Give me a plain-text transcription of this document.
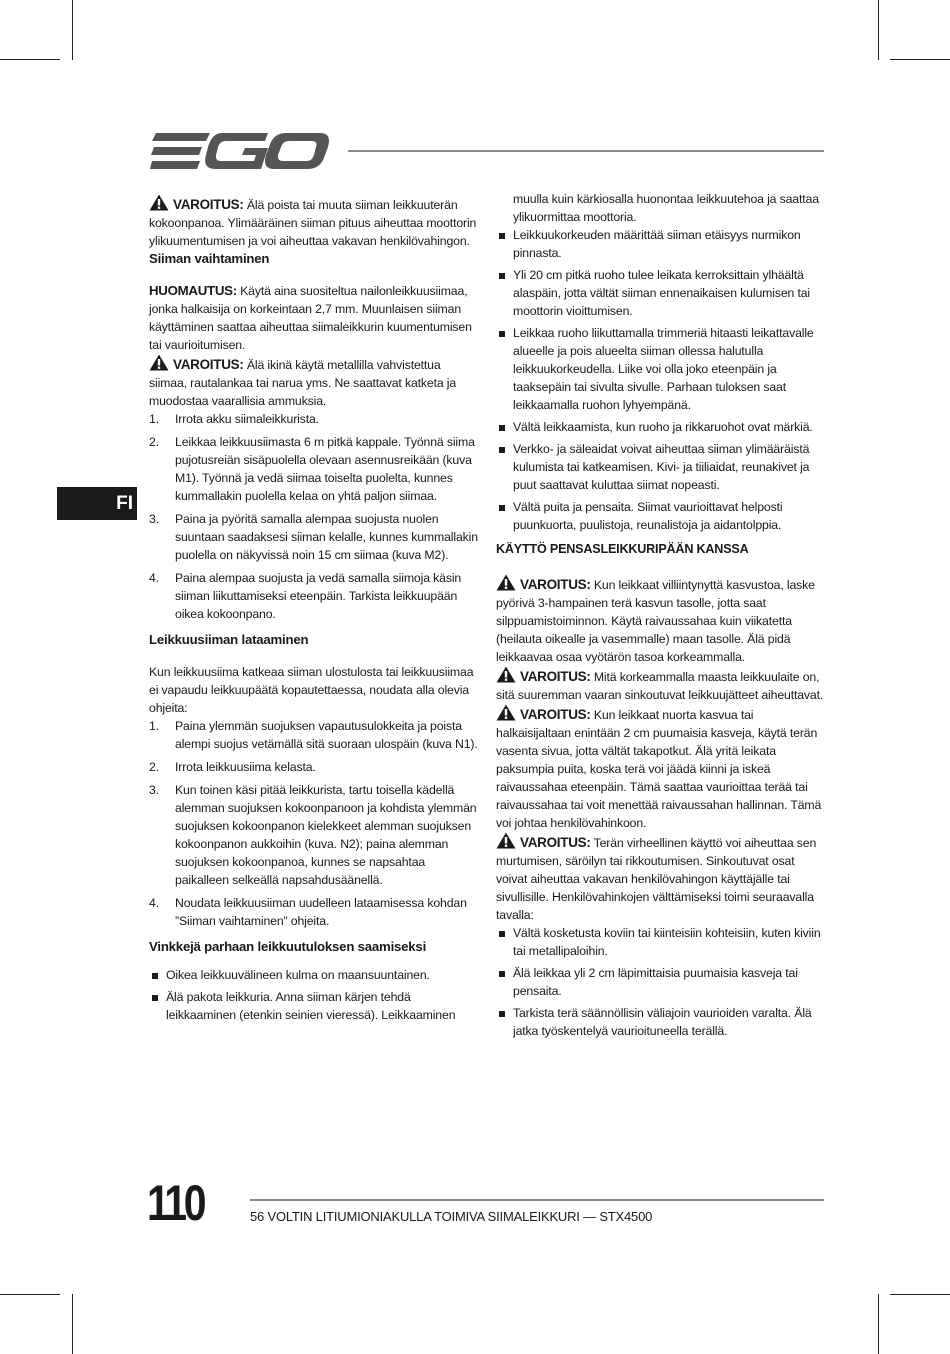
FI

VAROITUS: Älä poista tai muuta siiman leikkuuterän kokoonpanoa. Ylimääräinen siiman pituus aiheuttaa moottorin ylikuumentumisen ja voi aiheuttaa vakavan henkilövahingon.

Siiman vaihtaminen

HUOMAUTUS: Käytä aina suositeltua nailonleikkuusiimaa, jonka halkaisija on korkeintaan 2,7 mm. Muunlaisen siiman käyttäminen saattaa aiheuttaa siimaleikkurin kuumentumisen tai vaurioitumisen.

VAROITUS: Älä ikinä käytä metallilla vahvistettua siimaa, rautalankaa tai narua yms. Ne saattavat katketa ja muodostaa vaarallisia ammuksia.

1. Irrota akku siimaleikkurista.
2. Leikkaa leikkuusiimasta 6 m pitkä kappale. Työnnä siima pujotusreiän sisäpuolella olevaan asennusreikään (kuva M1). Työnnä ja vedä siimaa toiselta puolelta, kunnes kummallakin puolella kelaa on yhtä paljon siimaa.
3. Paina ja pyöritä samalla alempaa suojusta nuolen suuntaan saadaksesi siiman kelalle, kunnes kummallakin puolella on näkyvissä noin 15 cm siimaa (kuva M2).
4. Paina alempaa suojusta ja vedä samalla siimoja käsin siiman liikuttamiseksi eteenpäin. Tarkista leikkuupään oikea kokoonpano.
Leikkuusiiman lataaminen

Kun leikkuusiima katkeaa siiman ulostulosta tai leikkuusiimaa ei vapaudu leikkuupäätä kopautettaessa, noudata alla olevia ohjeita:

1. Paina ylemmän suojuksen vapautusulokkeita ja poista alempi suojus vetämällä sitä suoraan ulospäin (kuva N1).
2. Irrota leikkuusiima kelasta.
3. Kun toinen käsi pitää leikkurista, tartu toisella kädellä alemman suojuksen kokoonpanoon ja kohdista ylemmän suojuksen kokoonpanon kielekkeet alemman suojuksen kokoonpanon aukkoihin (kuva. N2); paina alemman suojuksen kokoonpanoa, kunnes se napsahtaa paikalleen selkeällä napsahdusäänellä.
4. Noudata leikkuusiiman uudelleen lataamisessa kohdan ”Siiman vaihtaminen” ohjeita.
Vinkkejä parhaan leikkuutuloksen saamiseksi
Oikea leikkuuvälineen kulma on maansuuntainen.
Älä pakota leikkuria. Anna siiman kärjen tehdä leikkaaminen (etenkin seinien vieressä). Leikkaaminen

muulla kuin kärkiosalla huonontaa leikkuutehoa ja saattaa ylikuormittaa moottoria.

Leikkuukorkeuden määrittää siiman etäisyys nurmikon pinnasta.
Yli 20 cm pitkä ruoho tulee leikata kerroksittain ylhäältä alaspäin, jotta vältät siiman ennenaikaisen kulumisen tai moottorin vioittumisen.
Leikkaa ruoho liikuttamalla trimmeriä hitaasti leikattavalle alueelle ja pois alueelta siiman ollessa halutulla leikkuukorkeudella. Liike voi olla joko eteenpäin ja taaksepäin tai sivulta sivulle. Parhaan tuloksen saat leikkaamalla ruohon lyhyempänä.
Vältä leikkaamista, kun ruoho ja rikkaruohot ovat märkiä.
Verkko- ja säleaidat voivat aiheuttaa siiman ylimääräistä kulumista tai katkeamisen. Kivi- ja tiiliaidat, reunakivet ja puut saattavat kuluttaa siimat nopeasti.
Vältä puita ja pensaita. Siimat vaurioittavat helposti puunkuorta, puulistoja, reunalistoja ja aidantolppia.
KÄYTTÖ PENSASLEIKKURIPÄÄN KANSSA

VAROITUS: Kun leikkaat villiintynyttä kasvustoa, laske pyörivä 3-hampainen terä kasvun tasolle, jotta saat silppuamistoiminnon. Käytä raivaussahaa kuin viikatetta (heilauta oikealle ja vasemmalle) maan tasolle. Älä pidä leikkaavaa osaa vyötärön tasoa korkeammalla.

VAROITUS: Mitä korkeammalla maasta leikkuulaite on, sitä suuremman vaaran sinkoutuvat leikkuujätteet aiheuttavat.

VAROITUS: Kun leikkaat nuorta kasvua tai halkaisijaltaan enintään 2 cm puumaisia kasveja, käytä terän vasenta sivua, jotta vältät takapotkut. Älä yritä leikata paksumpia puita, koska terä voi jäädä kiinni ja iskeä raivaussahaa eteenpäin. Tämä saattaa vaurioittaa terää tai raivaussahaa tai voit menettää raivaussahan hallinnan. Tämä voi johtaa henkilövahinkoon.

VAROITUS: Terän virheellinen käyttö voi aiheuttaa sen murtumisen, säröilyn tai rikkoutumisen. Sinkoutuvat osat voivat aiheuttaa vakavan henkilövahingon käyttäjälle tai sivullisille. Henkilövahinkojen välttämiseksi toimi seuraavalla tavalla:

Vältä kosketusta koviin tai kiinteisiin kohteisiin, kuten kiviin tai metallipaloihin.
Älä leikkaa yli 2 cm läpimittaisia puumaisia kasveja tai pensaita.
Tarkista terä säännöllisin väliajoin vaurioiden varalta. Älä jatka työskentelyä vaurioituneella terällä.
110	56 VOLTIN LITIUMIONIAKULLA TOIMIVA SIIMALEIKKURI — STX4500
